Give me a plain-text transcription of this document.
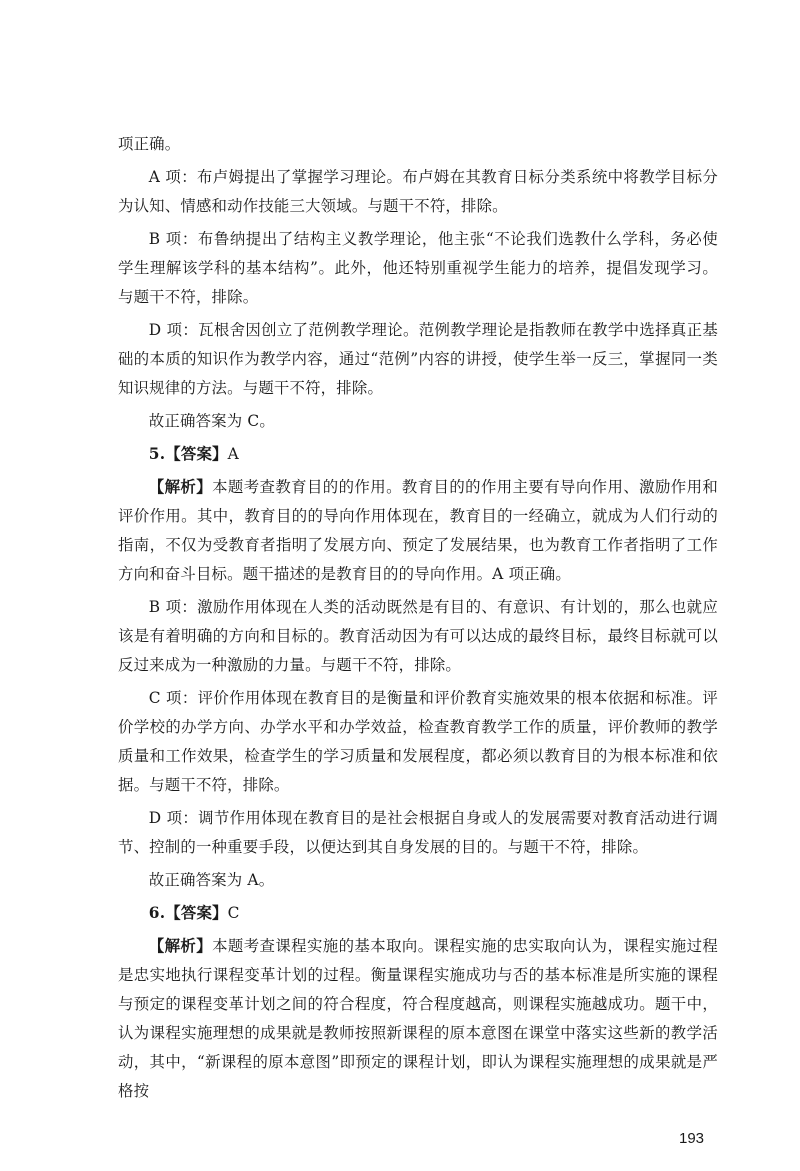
项正确。

A 项：布卢姆提出了掌握学习理论。布卢姆在其教育日标分类系统中将教学目标分为认知、情感和动作技能三大领域。与题干不符，排除。

B 项：布鲁纳提出了结构主义教学理论，他主张“不论我们选教什么学科，务必使学生理解该学科的基本结构”。此外，他还特别重视学生能力的培养，提倡发现学习。与题干不符，排除。

D 项：瓦根舍因创立了范例教学理论。范例教学理论是指教师在教学中选择真正基础的本质的知识作为教学内容，通过“范例”内容的讲授，使学生举一反三，掌握同一类知识规律的方法。与题干不符，排除。

故正确答案为 C。

5.【答案】A

【解析】本题考查教育目的的作用。教育目的的作用主要有导向作用、激励作用和评价作用。其中，教育目的的导向作用体现在，教育目的一经确立，就成为人们行动的指南，不仅为受教育者指明了发展方向、预定了发展结果，也为教育工作者指明了工作方向和奋斗目标。题干描述的是教育目的的导向作用。A 项正确。

B 项：激励作用体现在人类的活动既然是有目的、有意识、有计划的，那么也就应该是有着明确的方向和目标的。教育活动因为有可以达成的最终目标，最终目标就可以反过来成为一种激励的力量。与题干不符，排除。

C 项：评价作用体现在教育目的是衡量和评价教育实施效果的根本依据和标准。评价学校的办学方向、办学水平和办学效益，检查教育教学工作的质量，评价教师的教学质量和工作效果，检查学生的学习质量和发展程度，都必须以教育目的为根本标准和依据。与题干不符，排除。

D 项：调节作用体现在教育目的是社会根据自身或人的发展需要对教育活动进行调节、控制的一种重要手段，以便达到其自身发展的目的。与题干不符，排除。

故正确答案为 A。

6.【答案】C

【解析】本题考查课程实施的基本取向。课程实施的忠实取向认为，课程实施过程是忠实地执行课程变革计划的过程。衡量课程实施成功与否的基本标准是所实施的课程与预定的课程变革计划之间的符合程度，符合程度越高，则课程实施越成功。题干中，认为课程实施理想的成果就是教师按照新课程的原本意图在课堂中落实这些新的教学活动，其中，“新课程的原本意图”即预定的课程计划，即认为课程实施理想的成果就是严格按

193
